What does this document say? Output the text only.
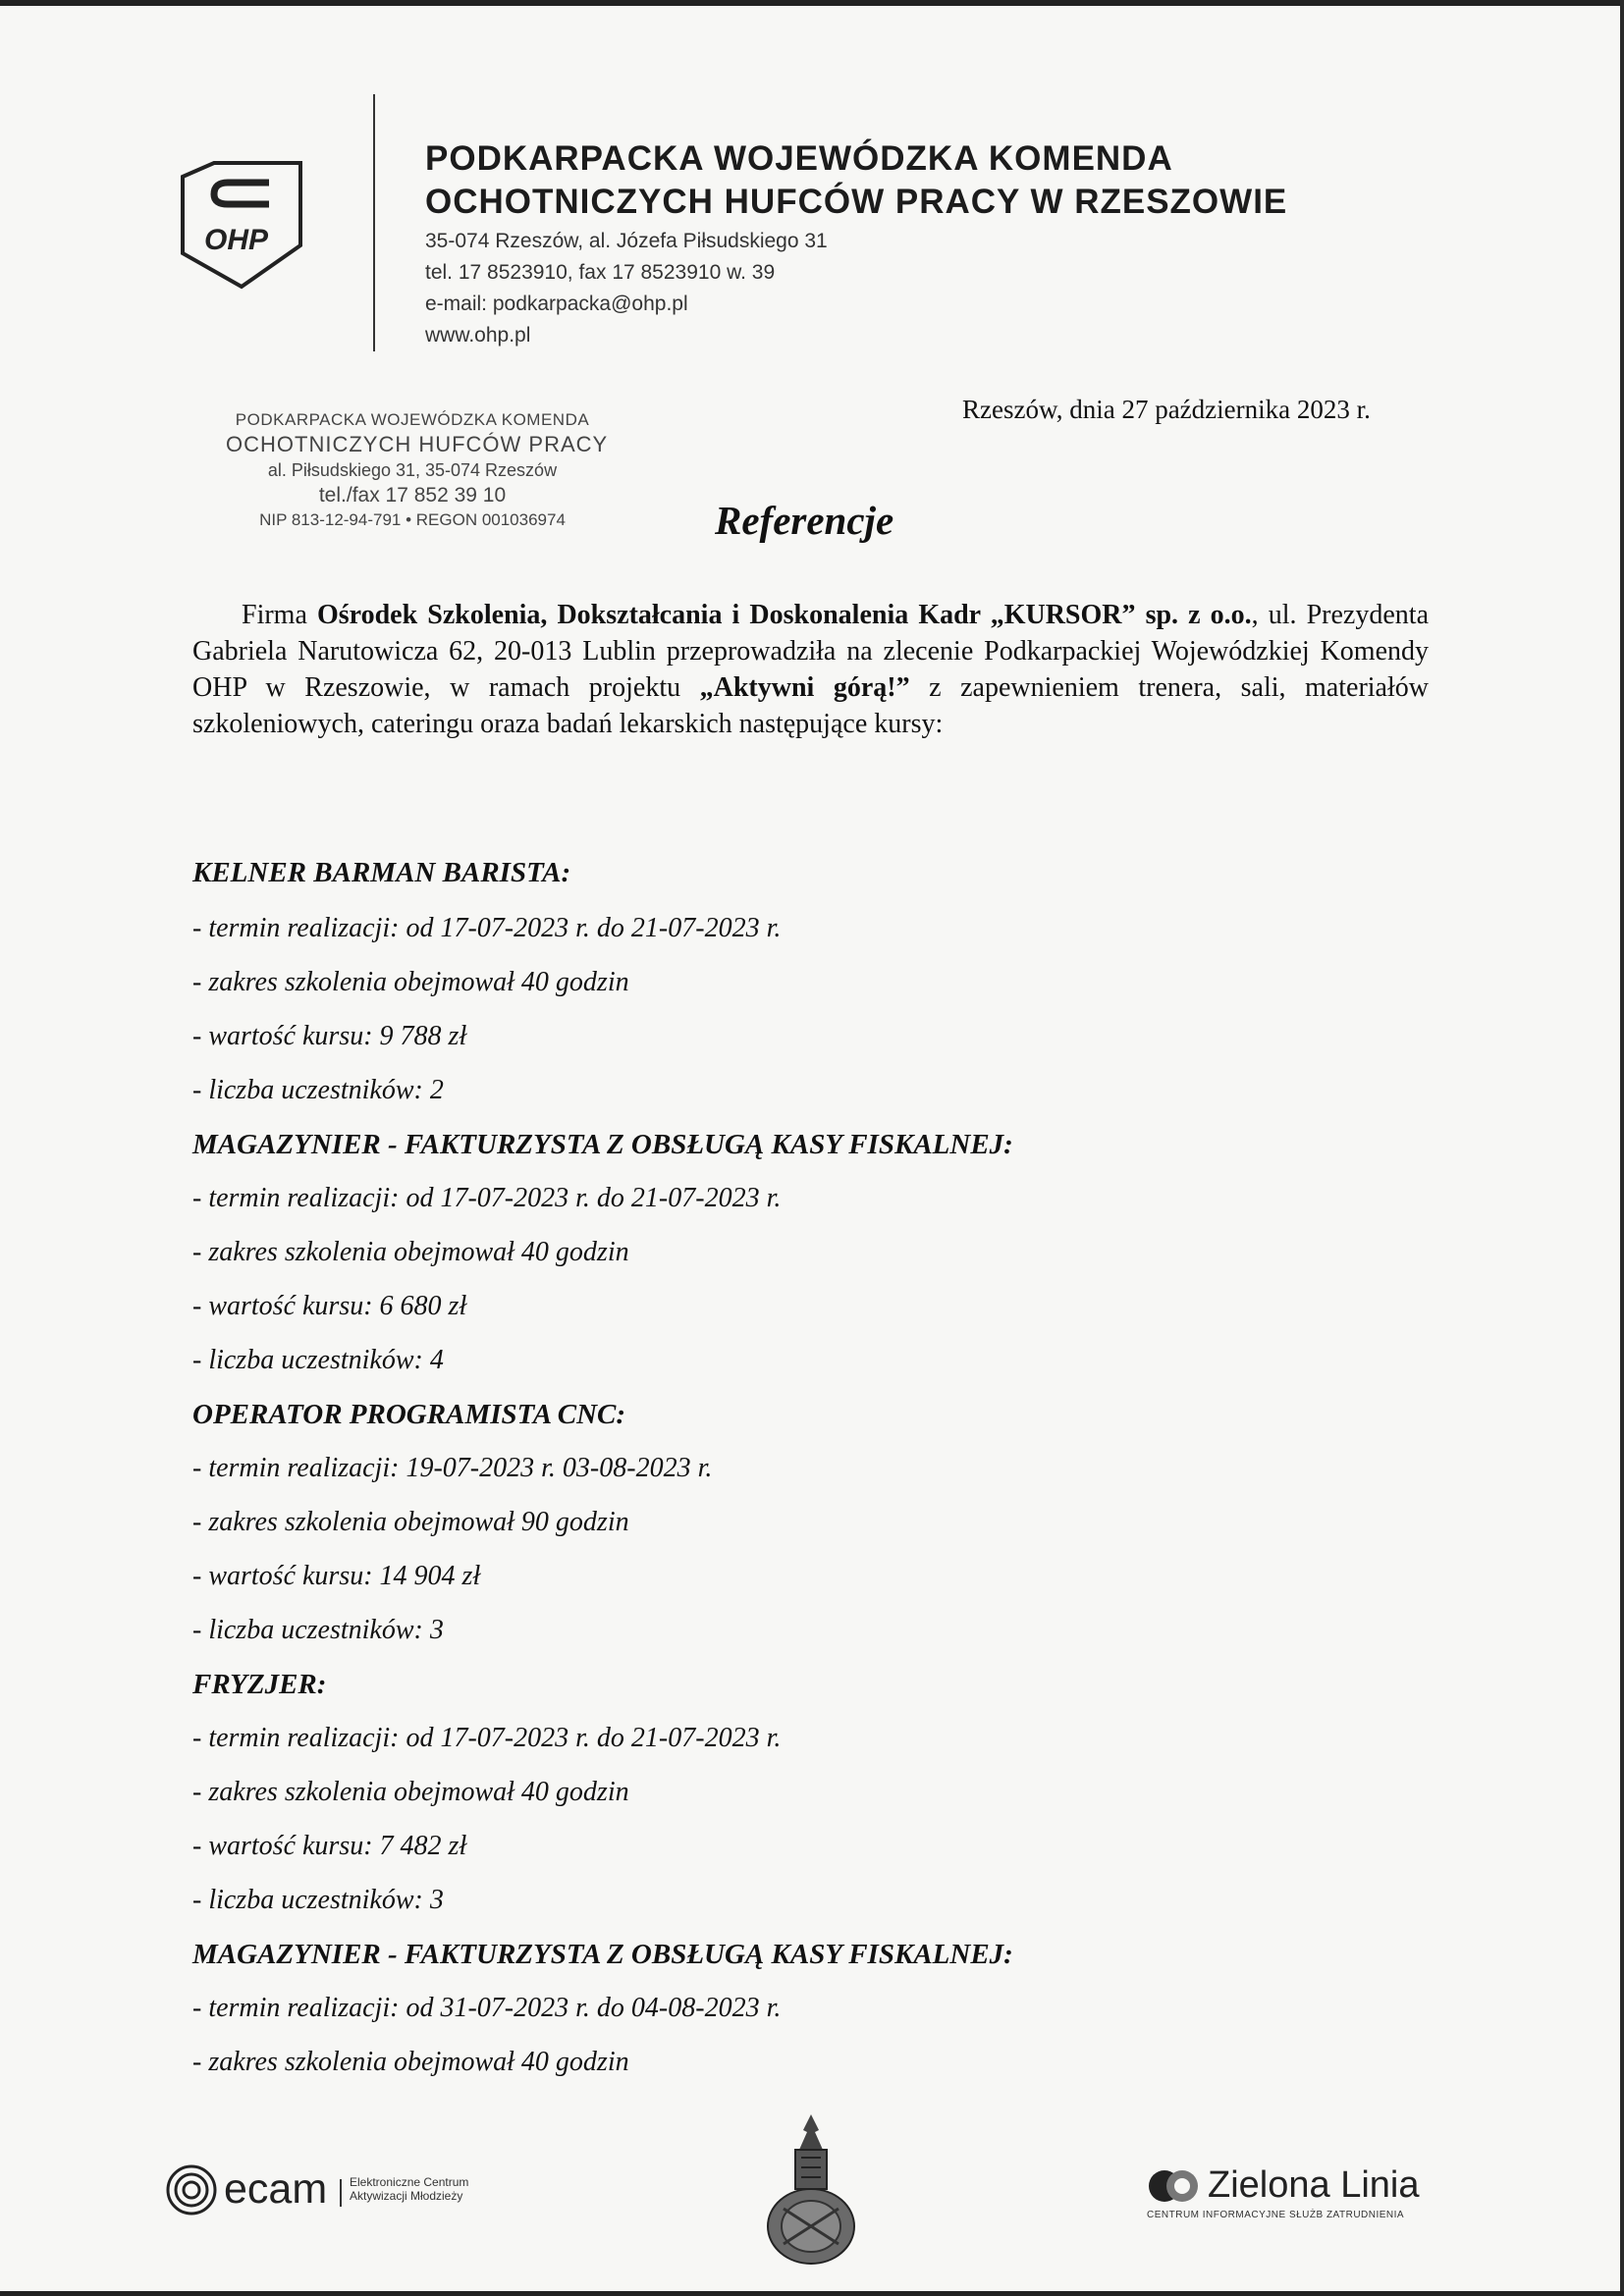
OHP
PODKARPACKA WOJEWÓDZKA KOMENDA
OCHOTNICZYCH HUFCÓW PRACY W RZESZOWIE
35-074 Rzeszów, al. Józefa Piłsudskiego 31
tel. 17 8523910, fax 17 8523910 w. 39
e-mail: podkarpacka@ohp.pl
www.ohp.pl
PODKARPACKA WOJEWÓDZKA KOMENDA
OCHOTNICZYCH HUFCÓW PRACY
al. Piłsudskiego 31, 35-074 Rzeszów
tel./fax 17 852 39 10
NIP 813-12-94-791 • REGON 001036974
Rzeszów, dnia 27 października 2023 r.
Referencje

Firma Ośrodek Szkolenia, Dokształcania i Doskonalenia Kadr „KURSOR” sp. z o.o., ul. Prezydenta Gabriela Narutowicza 62, 20-013 Lublin przeprowadziła na zlecenie Podkarpackiej Wojewódzkiej Komendy OHP w Rzeszowie, w ramach projektu „Aktywni górą!” z zapewnieniem trenera, sali, materiałów szkoleniowych, cateringu oraza badań lekarskich następujące kursy:

KELNER BARMAN BARISTA:
- termin realizacji: od 17-07-2023 r. do 21-07-2023 r.
- zakres szkolenia obejmował 40 godzin
- wartość kursu: 9 788 zł
- liczba uczestników: 2
MAGAZYNIER - FAKTURZYSTA Z OBSŁUGĄ KASY FISKALNEJ:
- termin realizacji: od 17-07-2023 r. do 21-07-2023 r.
- zakres szkolenia obejmował 40 godzin
- wartość kursu: 6 680 zł
- liczba uczestników: 4
OPERATOR PROGRAMISTA CNC:
- termin realizacji: 19-07-2023 r. 03-08-2023 r.
- zakres szkolenia obejmował 90 godzin
- wartość kursu: 14 904 zł
- liczba uczestników: 3
FRYZJER:
- termin realizacji: od 17-07-2023 r. do 21-07-2023 r.
- zakres szkolenia obejmował 40 godzin
- wartość kursu: 7 482 zł
- liczba uczestników: 3
MAGAZYNIER - FAKTURZYSTA Z OBSŁUGĄ KASY FISKALNEJ:
- termin realizacji: od 31-07-2023 r. do 04-08-2023 r.
- zakres szkolenia obejmował 40 godzin
ecam Elektroniczne Centrum
Aktywizacji Młodzieży	Zielona Linia
CENTRUM INFORMACYJNE SŁUŻB ZATRUDNIENIA
